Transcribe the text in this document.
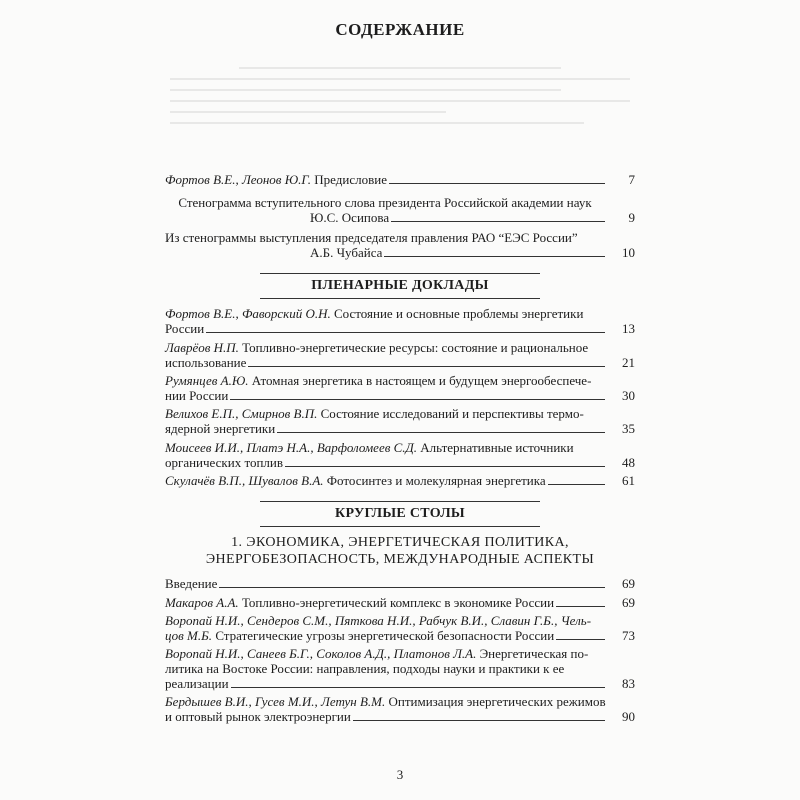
СОДЕРЖАНИЕ
Фортов В.Е., Леонов Ю.Г. Предисловие	7
Стенограмма вступительного слова президента Российской академии наук
Ю.С. Осипова	9
Из стенограммы выступления председателя правления РАО “ЕЭС России”
А.Б. Чубайса	10
ПЛЕНАРНЫЕ ДОКЛАДЫ
Фортов В.Е., Фаворский О.Н. Состояние и основные проблемы энергетики
России	13
Лаврёов Н.П. Топливно-энергетические ресурсы: состояние и рациональное
использование	21
Румянцев А.Ю. Атомная энергетика в настоящем и будущем энергообеспече-
нии России	30
Велихов Е.П., Смирнов В.П. Состояние исследований и перспективы термо-
ядерной энергетики	35
Моисеев И.И., Платэ Н.А., Варфоломеев С.Д. Альтернативные источники
органических топлив	48
Скулачёв В.П., Шувалов В.А. Фотосинтез и молекулярная энергетика	61
КРУГЛЫЕ СТОЛЫ
1. ЭКОНОМИКА, ЭНЕРГЕТИЧЕСКАЯ ПОЛИТИКА,
ЭНЕРГОБЕЗОПАСНОСТЬ, МЕЖДУНАРОДНЫЕ АСПЕКТЫ
Введение	69
Макаров А.А. Топливно-энергетический комплекс в экономике России	69
Воропай Н.И., Сендеров С.М., Пяткова Н.И., Рабчук В.И., Славин Г.Б., Чель-
цов М.Б. Стратегические угрозы энергетической безопасности России	73
Воропай Н.И., Санеев Б.Г., Соколов А.Д., Платонов Л.А. Энергетическая по-
литика на Востоке России: направления, подходы науки и практики к ее
реализации	83
Бердышев В.И., Гусев М.И., Летун В.М. Оптимизация энергетических режимов
и оптовый рынок электроэнергии	90
3
